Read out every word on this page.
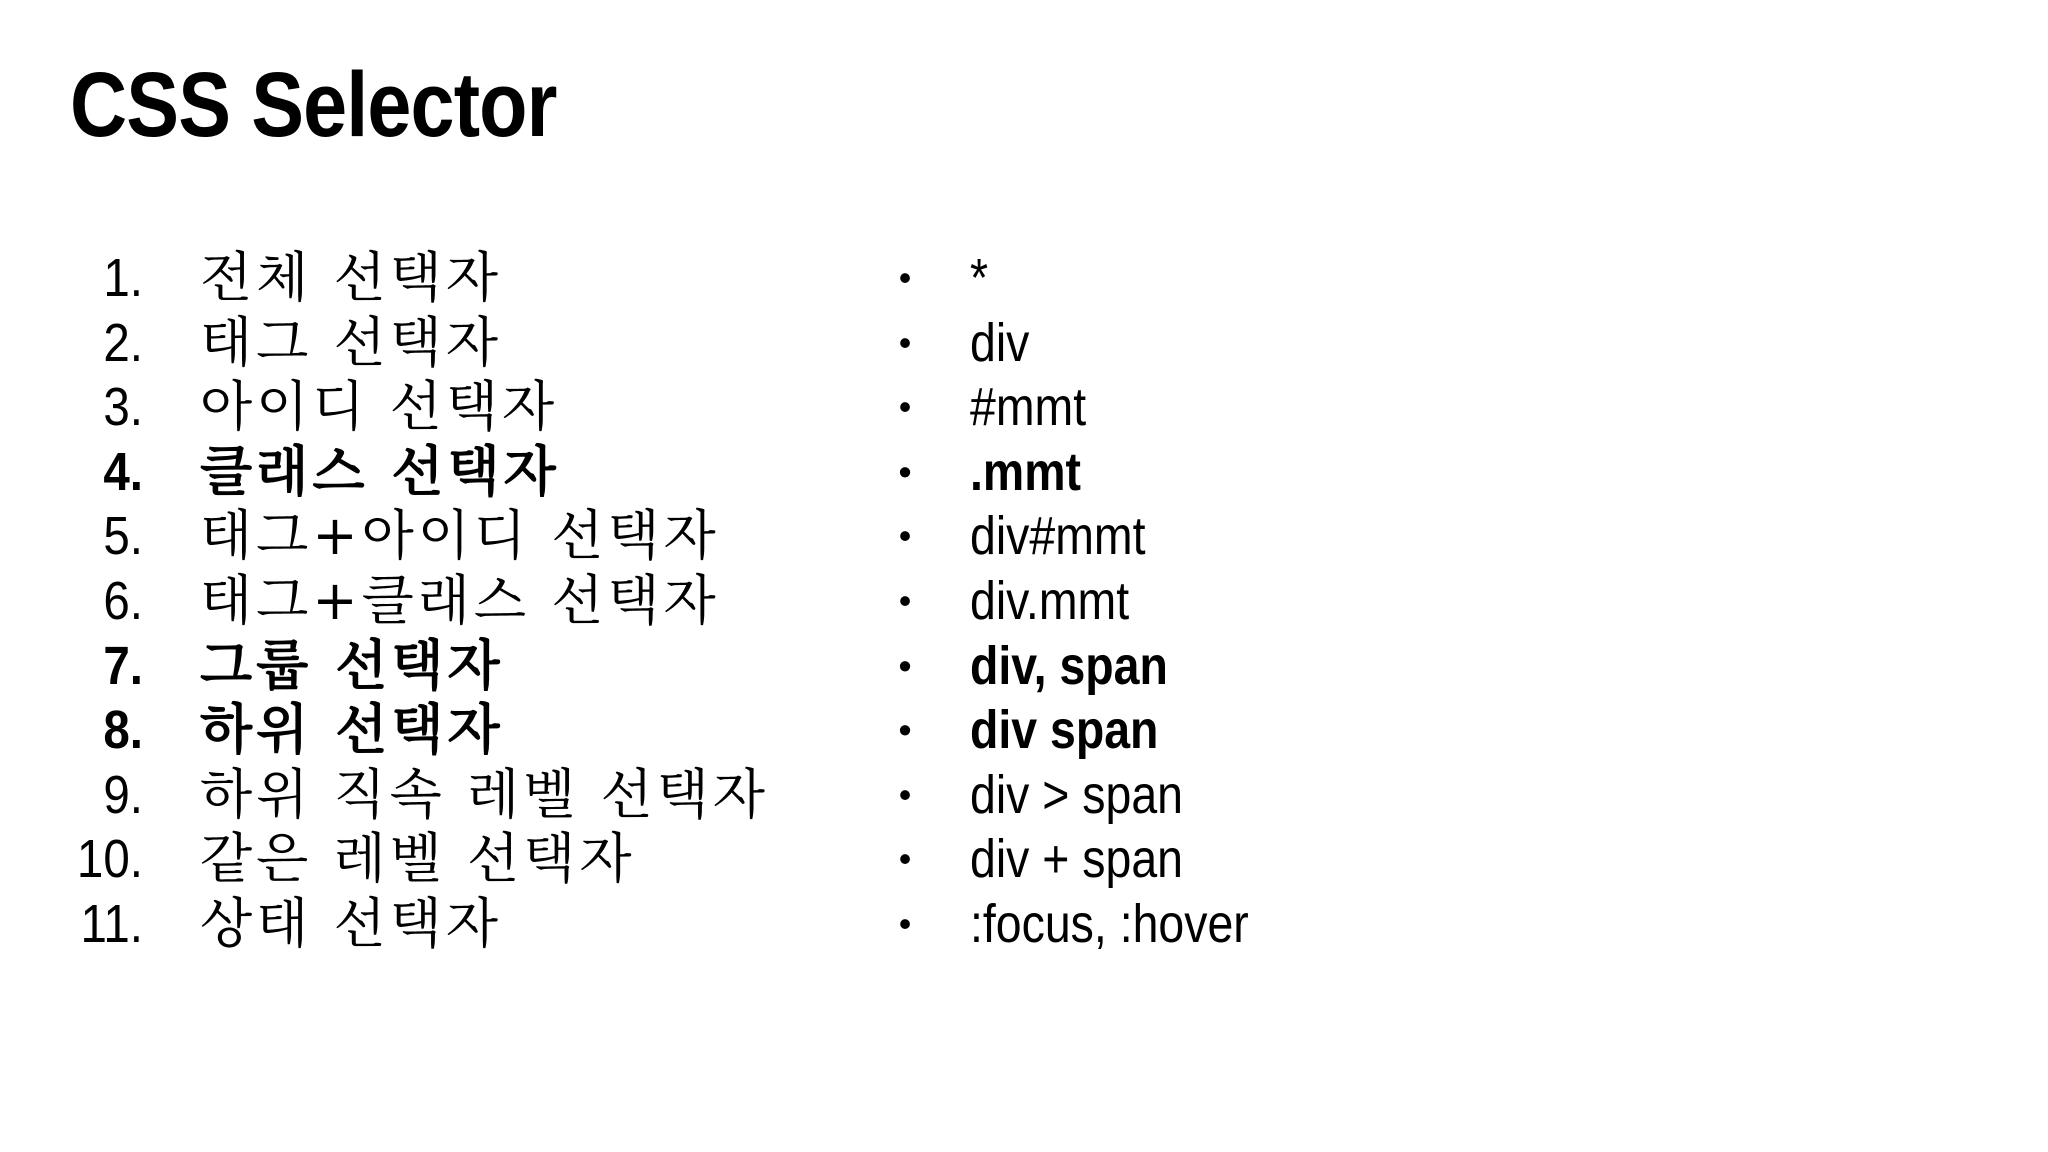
CSS Selector
1. 전체 선택자
2. 태그 선택자
3. 아이디 선택자
4. 클래스 선택자
5. 태그+아이디 선택자
6. 태그+클래스 선택자
7. 그룹 선택자
8. 하위 선택자
9. 하위 직속 레벨 선택자
10. 같은 레벨 선택자
11. 상태 선택자
• *
• div
• #mmt
• .mmt
• div#mmt
• div.mmt
• div, span
• div span
• div > span
• div + span
• :focus, :hover
